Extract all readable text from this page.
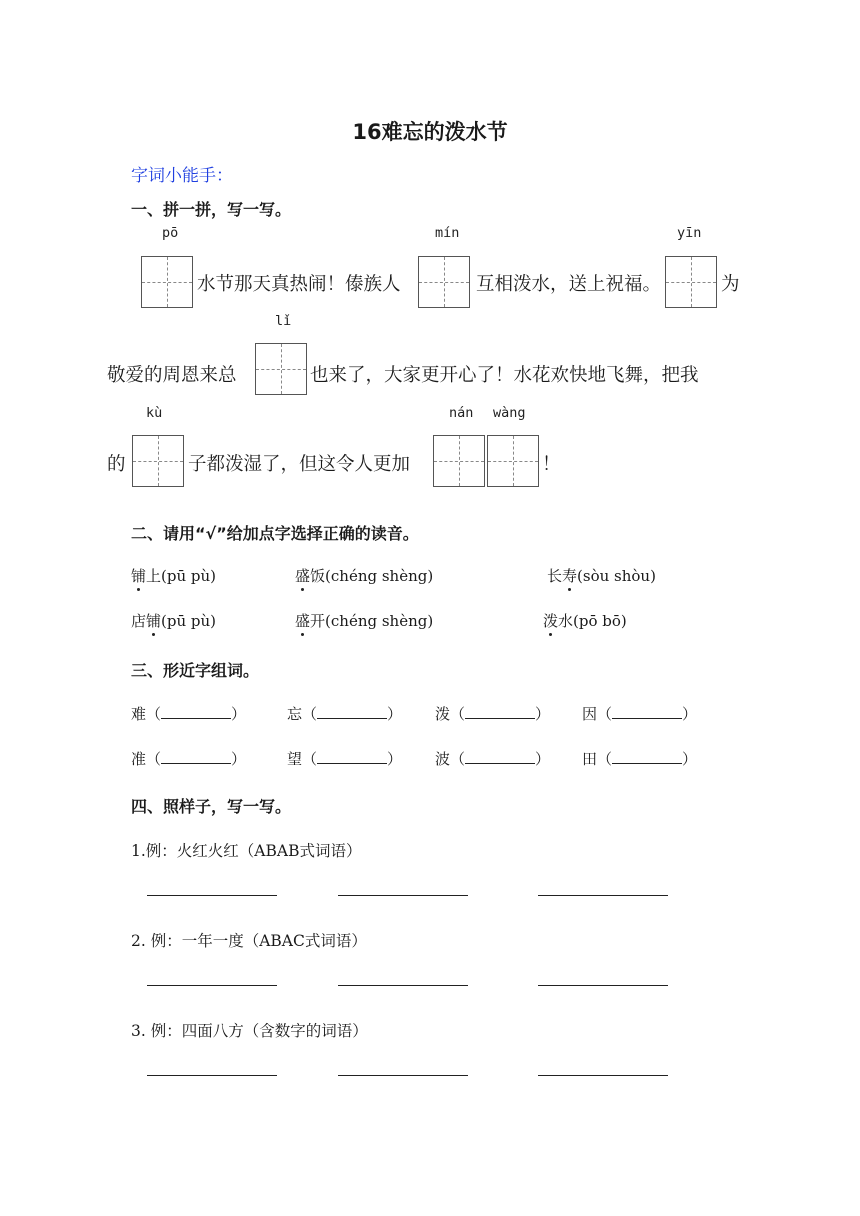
16难忘的泼水节
字词小能手：
一、拼一拼，写一写。
pō	mín	yīn
水节那天真热闹！傣族人	互相泼水，送上祝福。	为
lǐ
敬爱的周恩来总	也来了，大家更开心了！水花欢快地飞舞，把我
kù	nán wàng
的	子都泼湿了，但这令人更加	！
二、请用“√”给加点字选择正确的读音。
铺上(pū pù)	盛饭(chéng shèng)	长寿(sòu shòu)
店铺(pū pù)	盛开(chéng shèng)	泼水(pō bō)
三、形近字组词。
难（	）	忘（	） 泼（	） 因（	）
准（	）	望（	） 波（	） 田（	）
四、照样子，写一写。
1.例：火红火红（ABAB式词语）
2. 例：一年一度（ABAC式词语）
3. 例：四面八方（含数字的词语）
